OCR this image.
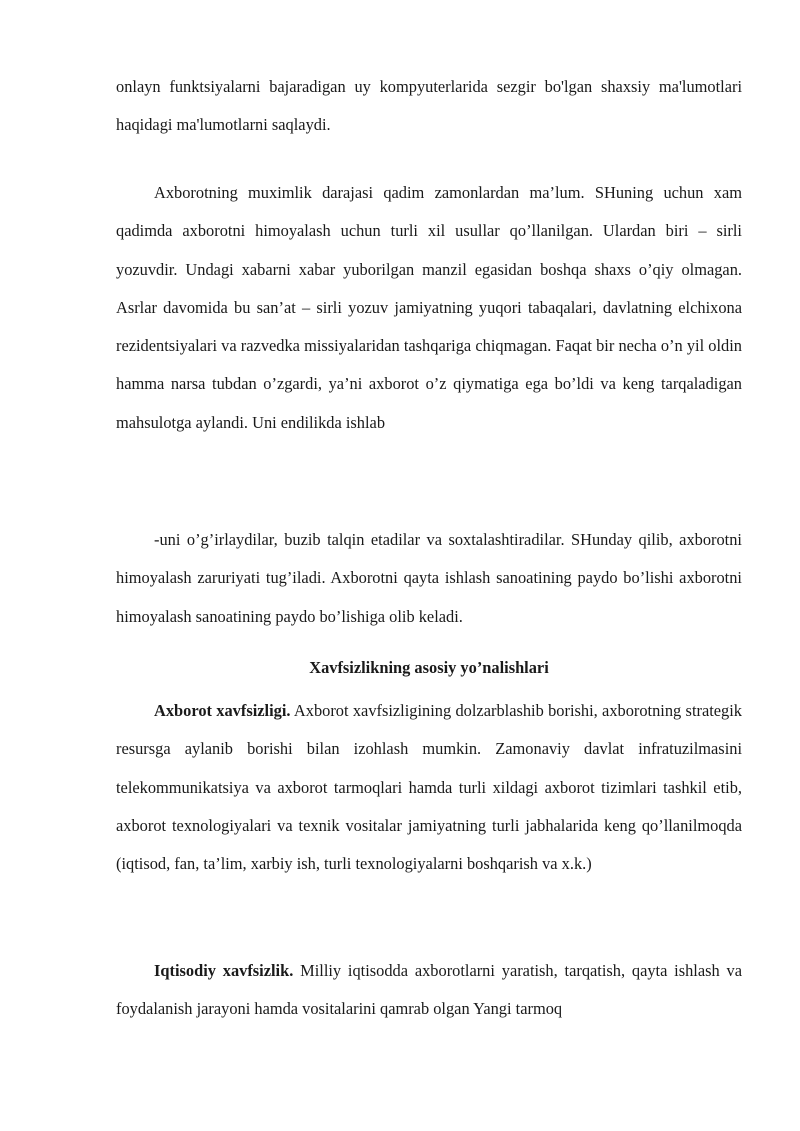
onlayn funktsiyalarni bajaradigan uy kompyuterlarida sezgir bo'lgan shaxsiy ma'lumotlari haqidagi ma'lumotlarni saqlaydi.

Axborotning muximlik darajasi qadim zamonlardan ma’lum. SHuning uchun xam qadimda axborotni himoyalash uchun turli xil usullar qo’llanilgan. Ulardan biri – sirli yozuvdir. Undagi xabarni xabar yuborilgan manzil egasidan boshqa shaxs o’qiy olmagan. Asrlar davomida bu san’at – sirli yozuv jamiyatning yuqori tabaqalari, davlatning elchixona rezidentsiyalari va razvedka missiyalaridan tashqariga chiqmagan. Faqat bir necha o’n yil oldin hamma narsa tubdan o’zgardi, ya’ni axborot o’z qiymatiga ega bo’ldi va keng tarqaladigan mahsulotga aylandi. Uni endilikda ishlab

-uni o’g’irlaydilar, buzib talqin etadilar va soxtalashtiradilar. SHunday qilib, axborotni himoyalash zaruriyati tug’iladi. Axborotni qayta ishlash sanoatining paydo bo’lishi axborotni himoyalash sanoatining paydo bo’lishiga olib keladi.

Xavfsizlikning asosiy yo’nalishlari

Axborot xavfsizligi. Axborot xavfsizligining dolzarblashib borishi, axborotning strategik resursga aylanib borishi bilan izohlash mumkin. Zamonaviy davlat infratuzilmasini telekommunikatsiya va axborot tarmoqlari hamda turli xildagi axborot tizimlari tashkil etib, axborot texnologiyalari va texnik vositalar jamiyatning turli jabhalarida keng qo’llanilmoqda (iqtisod, fan, ta’lim, xarbiy ish, turli texnologiyalarni boshqarish va x.k.)

Iqtisodiy xavfsizlik. Milliy iqtisodda axborotlarni yaratish, tarqatish, qayta ishlash va foydalanish jarayoni hamda vositalarini qamrab olgan Yangi tarmoq
